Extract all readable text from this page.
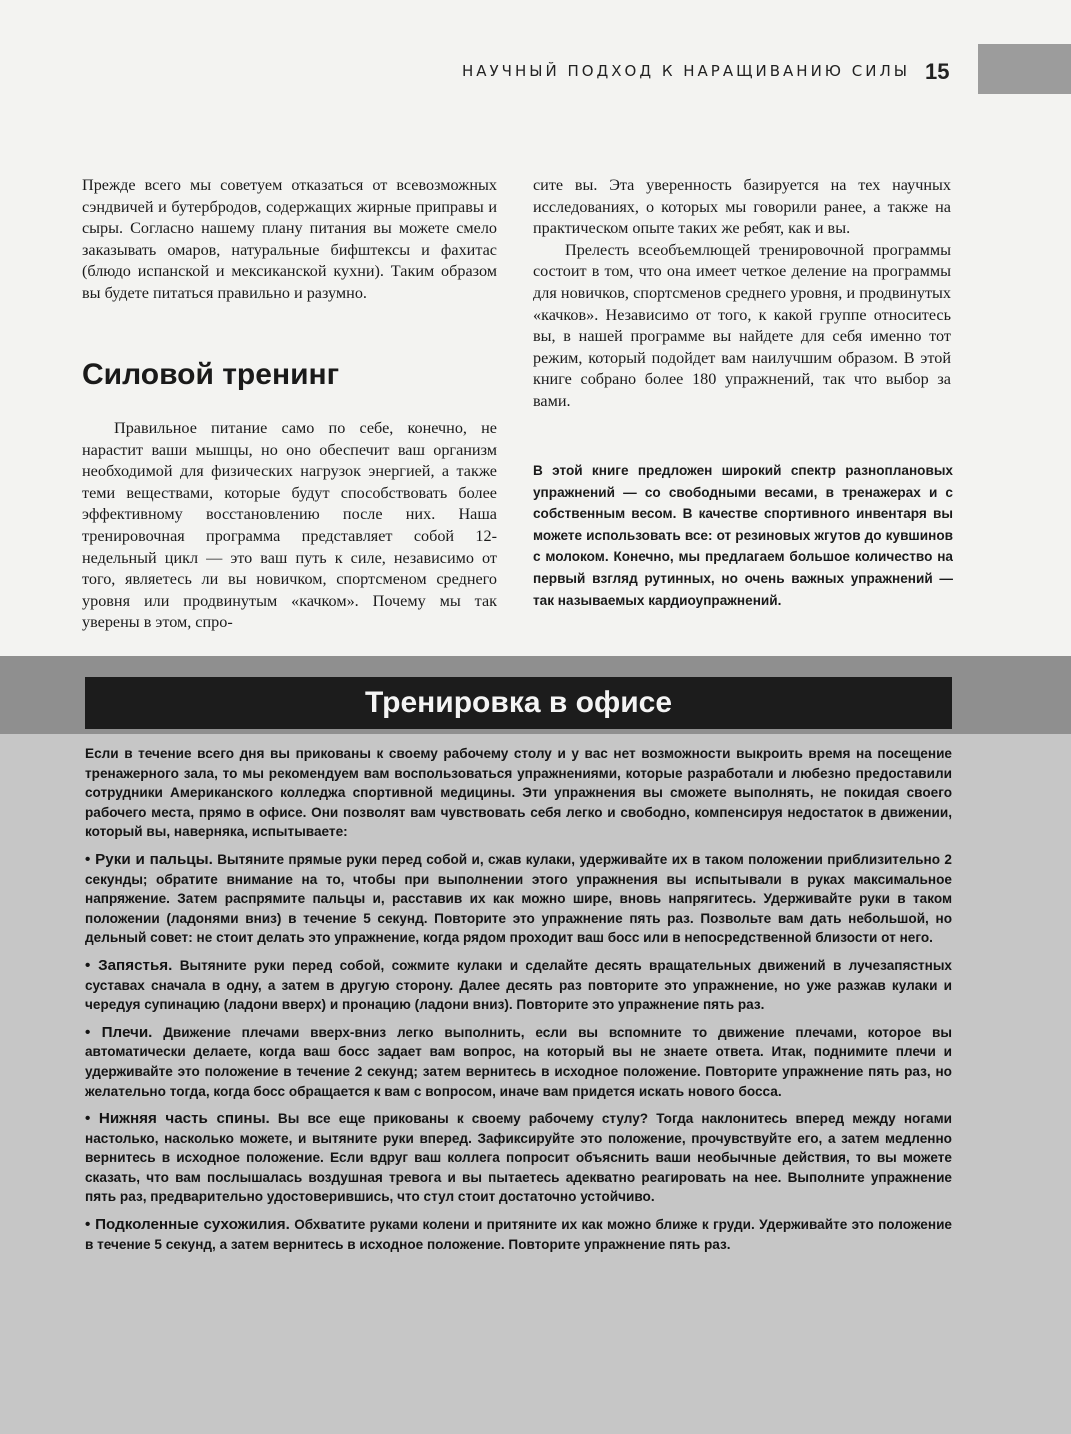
НАУЧНЫЙ ПОДХОД К НАРАЩИВАНИЮ СИЛЫ 15

Прежде всего мы советуем отказаться от всевозможных сэндвичей и бутербродов, содержащих жирные приправы и сыры. Согласно нашему плану питания вы можете смело заказывать омаров, натуральные бифштексы и фахитас (блюдо испанской и мексиканской кухни). Таким образом вы будете питаться правильно и разумно.

Силовой тренинг

Правильное питание само по себе, конечно, не нарастит ваши мышцы, но оно обеспечит ваш организм необходимой для физических нагрузок энергией, а также теми веществами, которые будут способствовать более эффективному восстановлению после них. Наша тренировочная программа представляет собой 12-недельный цикл — это ваш путь к силе, независимо от того, являетесь ли вы новичком, спортсменом среднего уровня или продвинутым «качком». Почему мы так уверены в этом, спро-

сите вы. Эта уверенность базируется на тех научных исследованиях, о которых мы говорили ранее, а также на практическом опыте таких же ребят, как и вы.

Прелесть всеобъемлющей тренировочной программы состоит в том, что она имеет четкое деление на программы для новичков, спортсменов среднего уровня, и продвинутых «качков». Независимо от того, к какой группе относитесь вы, в нашей программе вы найдете для себя именно тот режим, который подойдет вам наилучшим образом. В этой книге собрано более 180 упражнений, так что выбор за вами.

В этой книге предложен широкий спектр разноплановых упражнений — со свободными весами, в тренажерах и с собственным весом. В качестве спортивного инвентаря вы можете использовать все: от резиновых жгутов до кувшинов с молоком. Конечно, мы предлагаем большое количество на первый взгляд рутинных, но очень важных упражнений — так называемых кардиоупражнений.
Тренировка в офисе

Если в течение всего дня вы прикованы к своему рабочему столу и у вас нет возможности выкроить время на посещение тренажерного зала, то мы рекомендуем вам воспользоваться упражнениями, которые разработали и любезно предоставили сотрудники Американского колледжа спортивной медицины. Эти упражнения вы сможете выполнять, не покидая своего рабочего места, прямо в офисе. Они позволят вам чувствовать себя легко и свободно, компенсируя недостаток в движении, который вы, наверняка, испытываете:

• Руки и пальцы. Вытяните прямые руки перед собой и, сжав кулаки, удерживайте их в таком положении приблизительно 2 секунды; обратите внимание на то, чтобы при выполнении этого упражнения вы испытывали в руках максимальное напряжение. Затем распрямите пальцы и, расставив их как можно шире, вновь напрягитесь. Удерживайте руки в таком положении (ладонями вниз) в течение 5 секунд. Повторите это упражнение пять раз. Позвольте вам дать небольшой, но дельный совет: не стоит делать это упражнение, когда рядом проходит ваш босс или в непосредственной близости от него.

• Запястья. Вытяните руки перед собой, сожмите кулаки и сделайте десять вращательных движений в лучезапястных суставах сначала в одну, а затем в другую сторону. Далее десять раз повторите это упражнение, но уже разжав кулаки и чередуя супинацию (ладони вверх) и пронацию (ладони вниз). Повторите это упражнение пять раз.

• Плечи. Движение плечами вверх-вниз легко выполнить, если вы вспомните то движение плечами, которое вы автоматически делаете, когда ваш босс задает вам вопрос, на который вы не знаете ответа. Итак, поднимите плечи и удерживайте это положение в течение 2 секунд; затем вернитесь в исходное положение. Повторите упражнение пять раз, но желательно тогда, когда босс обращается к вам с вопросом, иначе вам придется искать нового босса.

• Нижняя часть спины. Вы все еще прикованы к своему рабочему стулу? Тогда наклонитесь вперед между ногами настолько, насколько можете, и вытяните руки вперед. Зафиксируйте это положение, прочувствуйте его, а затем медленно вернитесь в исходное положение. Если вдруг ваш коллега попросит объяснить ваши необычные действия, то вы можете сказать, что вам послышалась воздушная тревога и вы пытаетесь адекватно реагировать на нее. Выполните упражнение пять раз, предварительно удостоверившись, что стул стоит достаточно устойчиво.

• Подколенные сухожилия. Обхватите руками колени и притяните их как можно ближе к груди. Удерживайте это положение в течение 5 секунд, а затем вернитесь в исходное положение. Повторите упражнение пять раз.
